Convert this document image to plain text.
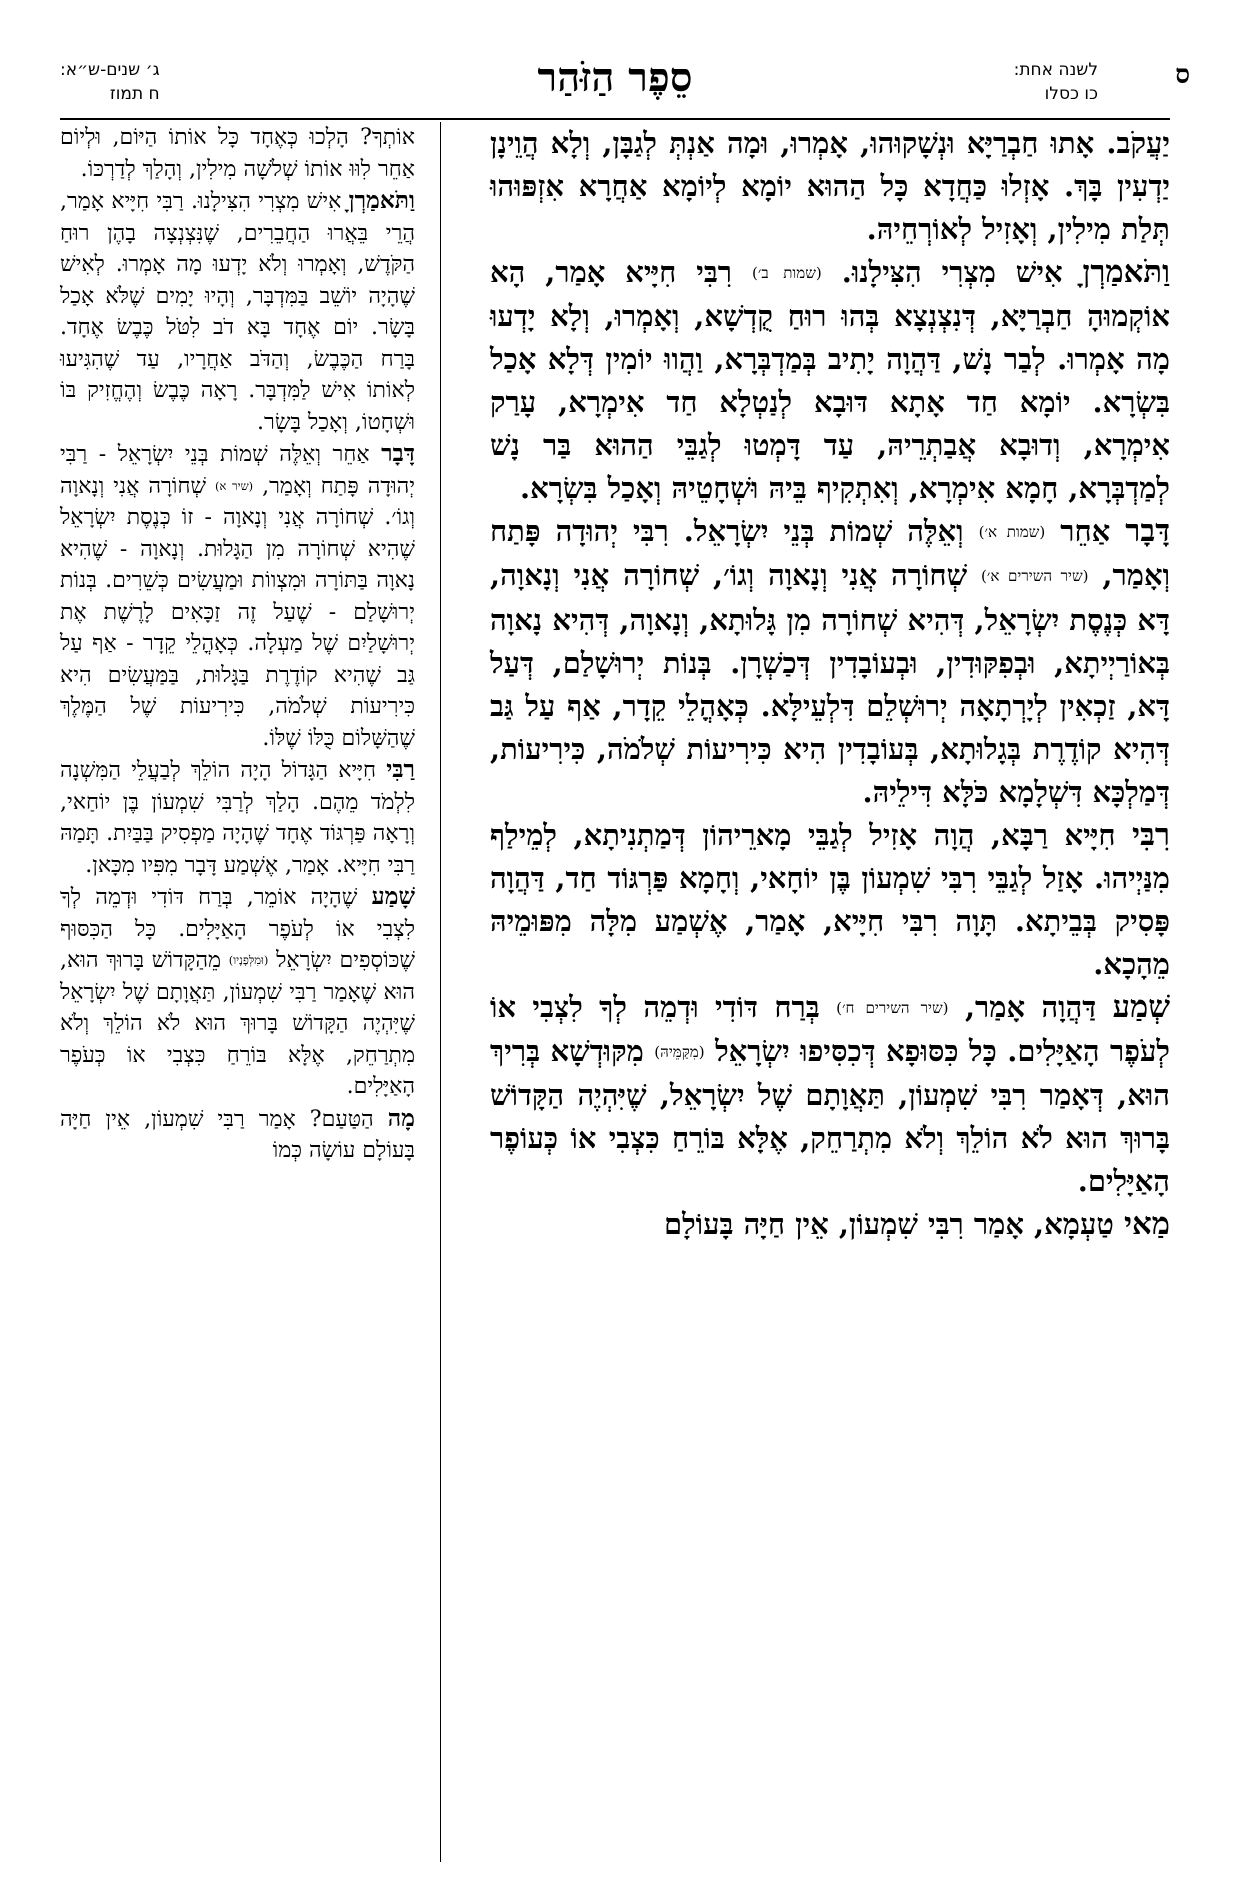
ס
לשנה אחת:
כו כסלו
סֵפֶר הַזֹּהַר
ג׳ שנים-ש״א:
ח תמוז

יַעֲקֹב. אָתוּ חַבְרַיָּא וּנְשָׁקוּהוּ, אָמְרוּ, וּמָה אַנְתְּ לְגַבָּן, וְלָא הֲוֵינָן יַדְעִין בָּךְ. אָזְלוּ כַּחֲדָא כָּל הַהוּא יוֹמָא לְיוֹמָא אַחֲרָא אִזְפּוּהוּ תְּלַת מִילִין, וְאָזִיל לְאוֹרְחֵיהּ.

וַתֹּאמַרְןָ אִישׁ מִצְרִי הִצִּילָנוּ. (שמות ב׳) רִבִּי חִיָּיא אָמַר, הָא אוֹקְמוּהָ חַבְרַיָּא, דְּנִצְנְצָא בְּהוּ רוּחַ קֻדְשָׁא, וְאָמְרוּ, וְלָא יָדְעוּ מָה אָמְרוּ. לְבַר נָשׁ, דַּהֲוָה יָתִיב בְּמַדְבְּרָא, וַהֲווּ יוֹמִין דְּלָא אָכַל בִּשְׂרָא. יוֹמָא חַד אָתָא דּוּבָא לְנַטְלָא חַד אִימְרָא, עָרַק אִימְרָא, וְדוּבָא אֲבַתְרֵיהּ, עַד דָּמְטוּ לְגַבֵּי הַהוּא בַּר נָשׁ לְמַדְבְּרָא, חָמָא אִימְרָא, וְאִתְקִיף בֵּיהּ וּשְׁחָטֵיהּ וְאָכַל בִּשְׂרָא.

דָּבָר אַחֵר (שמות א׳) וְאֵלֶּה שְׁמוֹת בְּנֵי יִשְׂרָאֵל. רִבִּי יְהוּדָה פָּתַח וְאָמַר, (שיר השירים א׳) שְׁחוֹרָה אֲנִי וְנָאוָה וְגוֹ׳, שְׁחוֹרָה אֲנִי וְנָאוָה, דָּא כְּנֶסֶת יִשְׂרָאֵל, דְּהִיא שְׁחוֹרָה מִן גָּלוּתָא, וְנָאוָה, דְּהִיא נָאוָה בְּאוֹרַיְיתָא, וּבְפִקּוּדִין, וּבְעוֹבָדִין דְּכַשְׁרָן. בְּנוֹת יְרוּשָׁלַם, דְּעַל דָּא, זַכְאִין לְיָרְתָאָה יְרוּשְׁלֵם דִּלְעֵילָּא. כְּאָהֳלֵי קֵדָר, אַף עַל גַּב דְּהִיא קוֹדֶרֶת בְּגָלוּתָא, בְּעוֹבָדִין הִיא כִּירִיעוֹת שְׁלֹמֹה, כִּירִיעוֹת, דְּמַלְכָּא דִּשְׁלָמָא כֹּלָּא דִּילֵיהּ.

רִבִּי חִיָּיא רַבָּא, הֲוָה אָזִיל לְגַבֵּי מָארֵיהוֹן דְּמַתְנִיתָא, לְמֵילַף מִנַּיְיהוּ. אָזַל לְגַבֵּי רִבִּי שִׁמְעוֹן בֶּן יוֹחָאי, וְחָמָא פַּרְגּוֹד חַד, דַּהֲוָה פָּסִיק בְּבֵיתָא. תָּוָה רִבִּי חִיָּיא, אָמַר, אֶשְׁמַע מִלָּה מִפּוּמֵיהּ מֵהָכָא.

שְׁמַע דַּהֲוָה אָמַר, (שיר השירים ח׳) בְּרַח דּוֹדִי וּדְמֵה לְךָ לִצְבִי אוֹ לְעֹפֶר הָאַיָּלִים. כָּל כִּסּוּפָא דְּכִסִּיפוּ יִשְׂרָאֵל (מִקַּמֵּיהּ) מִקּוּדְשָׁא בְּרִיךְ הוּא, דְּאָמַר רִבִּי שִׁמְעוֹן, תַּאֲוָתָם שֶׁל יִשְׂרָאֵל, שֶׁיִּהְיֶה הַקָּדוֹשׁ בָּרוּךְ הוּא לֹא הוֹלֵךְ וְלֹא מִתְרַחֵק, אֶלָּא בּוֹרֵחַ כִּצְבִי אוֹ כְּעוֹפֶר הָאַיָּלִים.

מַאי טַעְמָא, אָמַר רִבִּי שִׁמְעוֹן, אֵין חַיָּה בָּעוֹלָם

אוֹתְךָ? הָלְכוּ כְּאֶחָד כָּל אוֹתוֹ הַיּוֹם, וּלְיוֹם אַחֵר לִוּוּ אוֹתוֹ שְׁלֹשָׁה מִילִין, וְהָלַךְ לְדַרְכּוֹ.

וַתֹּאמַרְןָ אִישׁ מִצְרִי הִצִּילָנוּ. רַבִּי חִיָּיא אָמַר, הֲרֵי בֵּאֲרוּ הַחֲבֵרִים, שֶׁנִּצְנְצָה בָהֶן רוּחַ הַקֹּדֶשׁ, וְאָמְרוּ וְלֹא יָדְעוּ מָה אָמְרוּ. לְאִישׁ שֶׁהָיָה יוֹשֵׁב בַּמִּדְבָּר, וְהָיוּ יָמִים שֶׁלֹּא אָכַל בָּשָׂר. יוֹם אֶחָד בָּא דֹב לִטֹּל כֶּבֶשׂ אֶחָד. בָּרַח הַכֶּבֶשׂ, וְהַדֹּב אַחֲרָיו, עַד שֶׁהִגִּיעוּ לְאוֹתוֹ אִישׁ לַמִּדְבָּר. רָאָה כֶּבֶשׂ וְהֶחֱזִיק בּוֹ וּשְׁחָטוֹ, וְאָכַל בָּשָׂר.

דָּבָר אַחֵר וְאֵלֶּה שְׁמוֹת בְּנֵי יִשְׂרָאֵל - רַבִּי יְהוּדָה פָּתַח וְאָמַר, (שיר א) שְׁחוֹרָה אֲנִי וְנָאוָה וְגוֹ׳. שְׁחוֹרָה אֲנִי וְנָאוָה - זוֹ כְּנֶסֶת יִשְׂרָאֵל שֶׁהִיא שְׁחוֹרָה מִן הַגָּלוּת. וְנָאוָה - שֶׁהִיא נָאוָה בַּתּוֹרָה וּמִצְווֹת וּמַעֲשִׂים כְּשֵׁרִים. בְּנוֹת יְרוּשָׁלַם - שֶׁעַל זֶה זַכָּאִים לָרֶשֶׁת אֶת יְרוּשָׁלַיִם שֶׁל מַעְלָה. כְּאָהֳלֵי קֵדָר - אַף עַל גַּב שֶׁהִיא קוֹדֶרֶת בַּגָּלוּת, בַּמַּעֲשִׂים הִיא כִּירִיעוֹת שְׁלֹמֹה, כִּירִיעוֹת שֶׁל הַמֶּלֶךְ שֶׁהַשָּׁלוֹם כֻּלּוֹ שֶׁלּוֹ.

רַבִּי חִיָּיא הַגָּדוֹל הָיָה הוֹלֵךְ לְבַעֲלֵי הַמִּשְׁנָה לִלְמֹד מֵהֶם. הָלַךְ לְרַבִּי שִׁמְעוֹן בֶּן יוֹחַאי, וְרָאָה פַּרְגּוֹד אֶחָד שֶׁהָיָה מַפְסִיק בַּבַּיִת. תָּמַהּ רַבִּי חִיָּיא. אָמַר, אֶשְׁמַע דָּבָר מִפִּיו מִכָּאן.

שָׁמַע שֶׁהָיָה אוֹמֵר, בְּרַח דּוֹדִי וּדְמֵה לְךָ לִצְבִי אוֹ לְעֹפֶר הָאַיָּלִים. כָּל הַכִּסּוּף שֶׁכּוֹסְפִים יִשְׂרָאֵל (וּמִלְּפָנָיו) מֵהַקָּדוֹשׁ בָּרוּךְ הוּא, הוּא שֶׁאָמַר רַבִּי שִׁמְעוֹן, תַּאֲוָתָם שֶׁל יִשְׂרָאֵל שֶׁיִּהְיֶה הַקָּדוֹשׁ בָּרוּךְ הוּא לֹא הוֹלֵךְ וְלֹא מִתְרַחֵק, אֶלָּא בּוֹרֵחַ כִּצְבִי אוֹ כְּעֹפֶר הָאַיָּלִים.

מָה הַטַּעַם? אָמַר רַבִּי שִׁמְעוֹן, אֵין חַיָּה בָּעוֹלָם עוֹשָׂה כְּמוֹ
